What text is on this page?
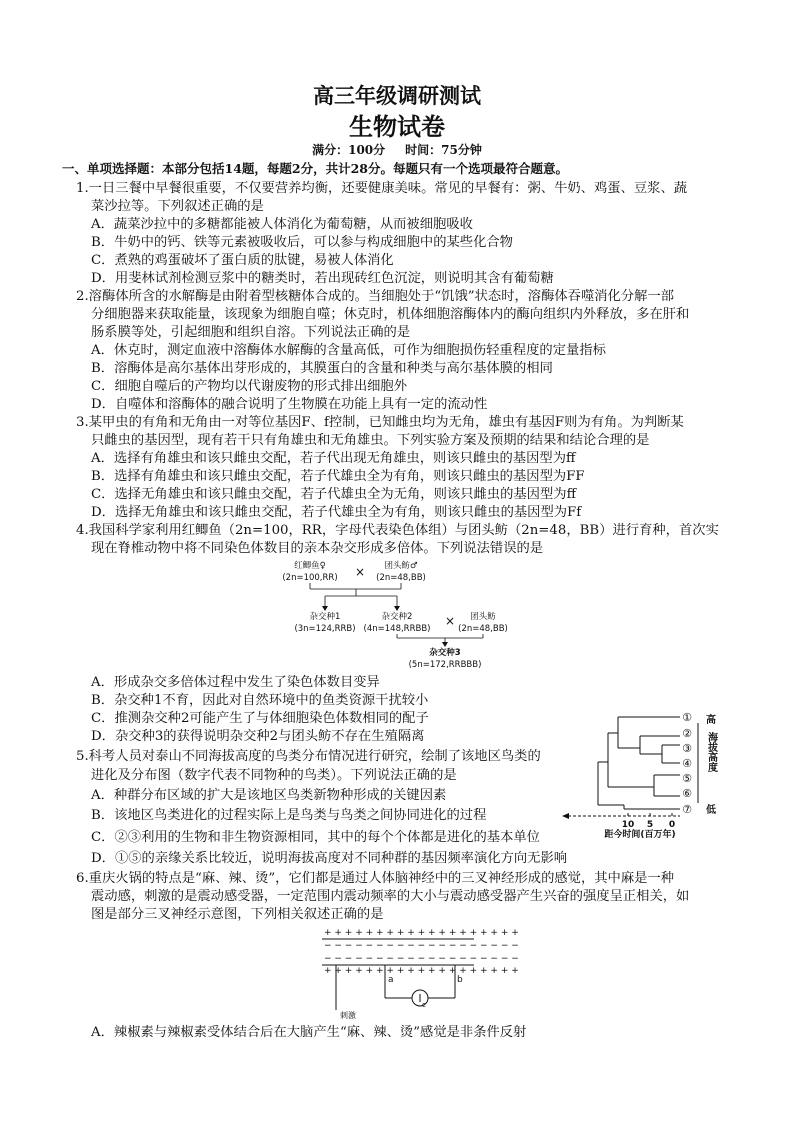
高三年级调研测试
生物试卷
满分：100分 时间：75分钟
一、单项选择题：本部分包括14题，每题2分，共计28分。每题只有一个选项最符合题意。
1.一日三餐中早餐很重要，不仅要营养均衡，还要健康美味。常见的早餐有：粥、牛奶、鸡蛋、豆浆、蔬
菜沙拉等。下列叙述正确的是
A．蔬菜沙拉中的多糖都能被人体消化为葡萄糖，从而被细胞吸收
B．牛奶中的钙、铁等元素被吸收后，可以参与构成细胞中的某些化合物
C．煮熟的鸡蛋破坏了蛋白质的肽键，易被人体消化
D．用斐林试剂检测豆浆中的糖类时，若出现砖红色沉淀，则说明其含有葡萄糖
2.溶酶体所含的水解酶是由附着型核糖体合成的。当细胞处于“饥饿”状态时，溶酶体吞噬消化分解一部
分细胞器来获取能量，该现象为细胞自噬；休克时，机体细胞溶酶体内的酶向组织内外释放，多在肝和
肠系膜等处，引起细胞和组织自溶。下列说法正确的是
A．休克时，测定血液中溶酶体水解酶的含量高低，可作为细胞损伤轻重程度的定量指标
B．溶酶体是高尔基体出芽形成的，其膜蛋白的含量和种类与高尔基体膜的相同
C．细胞自噬后的产物均以代谢废物的形式排出细胞外
D．自噬体和溶酶体的融合说明了生物膜在功能上具有一定的流动性
3.某甲虫的有角和无角由一对等位基因F、f控制，已知雌虫均为无角，雄虫有基因F则为有角。为判断某
只雌虫的基因型，现有若干只有角雄虫和无角雄虫。下列实验方案及预期的结果和结论合理的是
A．选择有角雄虫和该只雌虫交配，若子代出现无角雄虫，则该只雌虫的基因型为ff
B．选择有角雄虫和该只雌虫交配，若子代雄虫全为有角，则该只雌虫的基因型为FF
C．选择无角雄虫和该只雌虫交配，若子代雄虫全为无角，则该只雌虫的基因型为ff
D．选择无角雄虫和该只雌虫交配，若子代雄虫全为有角，则该只雌虫的基因型为Ff
4.我国科学家利用红鲫鱼（2n=100，RR，字母代表染色体组）与团头鲂（2n=48，BB）进行育种，首次实
现在脊椎动物中将不同染色体数目的亲本杂交形成多倍体。下列说法错误的是
红鲫鱼♀
(2n=100,RR) × 团头鲂♂
(2n=48,BB)
杂交种1
(3n=124,RRB)
杂交种2
(4n=148,RRBB)
× 团头鲂
(2n=48,BB)
杂交种3
(5n=172,RRBBB)
A．形成杂交多倍体过程中发生了染色体数目变异
B．杂交种1不育，因此对自然环境中的鱼类资源干扰较小
C．推测杂交种2可能产生了与体细胞染色体数相同的配子
D．杂交种3的获得说明杂交种2与团头鲂不存在生殖隔离
5.科考人员对泰山不同海拔高度的鸟类分布情况进行研究，绘制了该地区鸟类的
进化及分布图（数字代表不同物种的鸟类）。下列说法正确的是
A．种群分布区域的扩大是该地区鸟类新物种形成的关键因素
B．该地区鸟类进化的过程实际上是鸟类与鸟类之间协同进化的过程
C．②③利用的生物和非生物资源相同，其中的每个个体都是进化的基本单位
D．①⑤的亲缘关系比较近，说明海拔高度对不同种群的基因频率演化方向无影响
①
②
③
④
⑤
⑥
⑦
高
低
海拔高度
10 5 0
距今时间(百万年)
6.重庆火锅的特点是“麻、辣、烫”，它们都是通过人体脑神经中的三叉神经形成的感觉，其中麻是一种
震动感，刺激的是震动感受器，一定范围内震动频率的大小与震动感受器产生兴奋的强度呈正相关，如
图是部分三叉神经示意图，下列相关叙述正确的是
+ + + + + + + + + + + + + + + + + + +
− − − − − − − − − − − − − − − − − − −
− − − − − − − − − − − − − − − − − − −
+ + + + + + + + + + + + + + + + + + +
a	b
c
刺激
A．辣椒素与辣椒素受体结合后在大脑产生“麻、辣、烫”感觉是非条件反射
